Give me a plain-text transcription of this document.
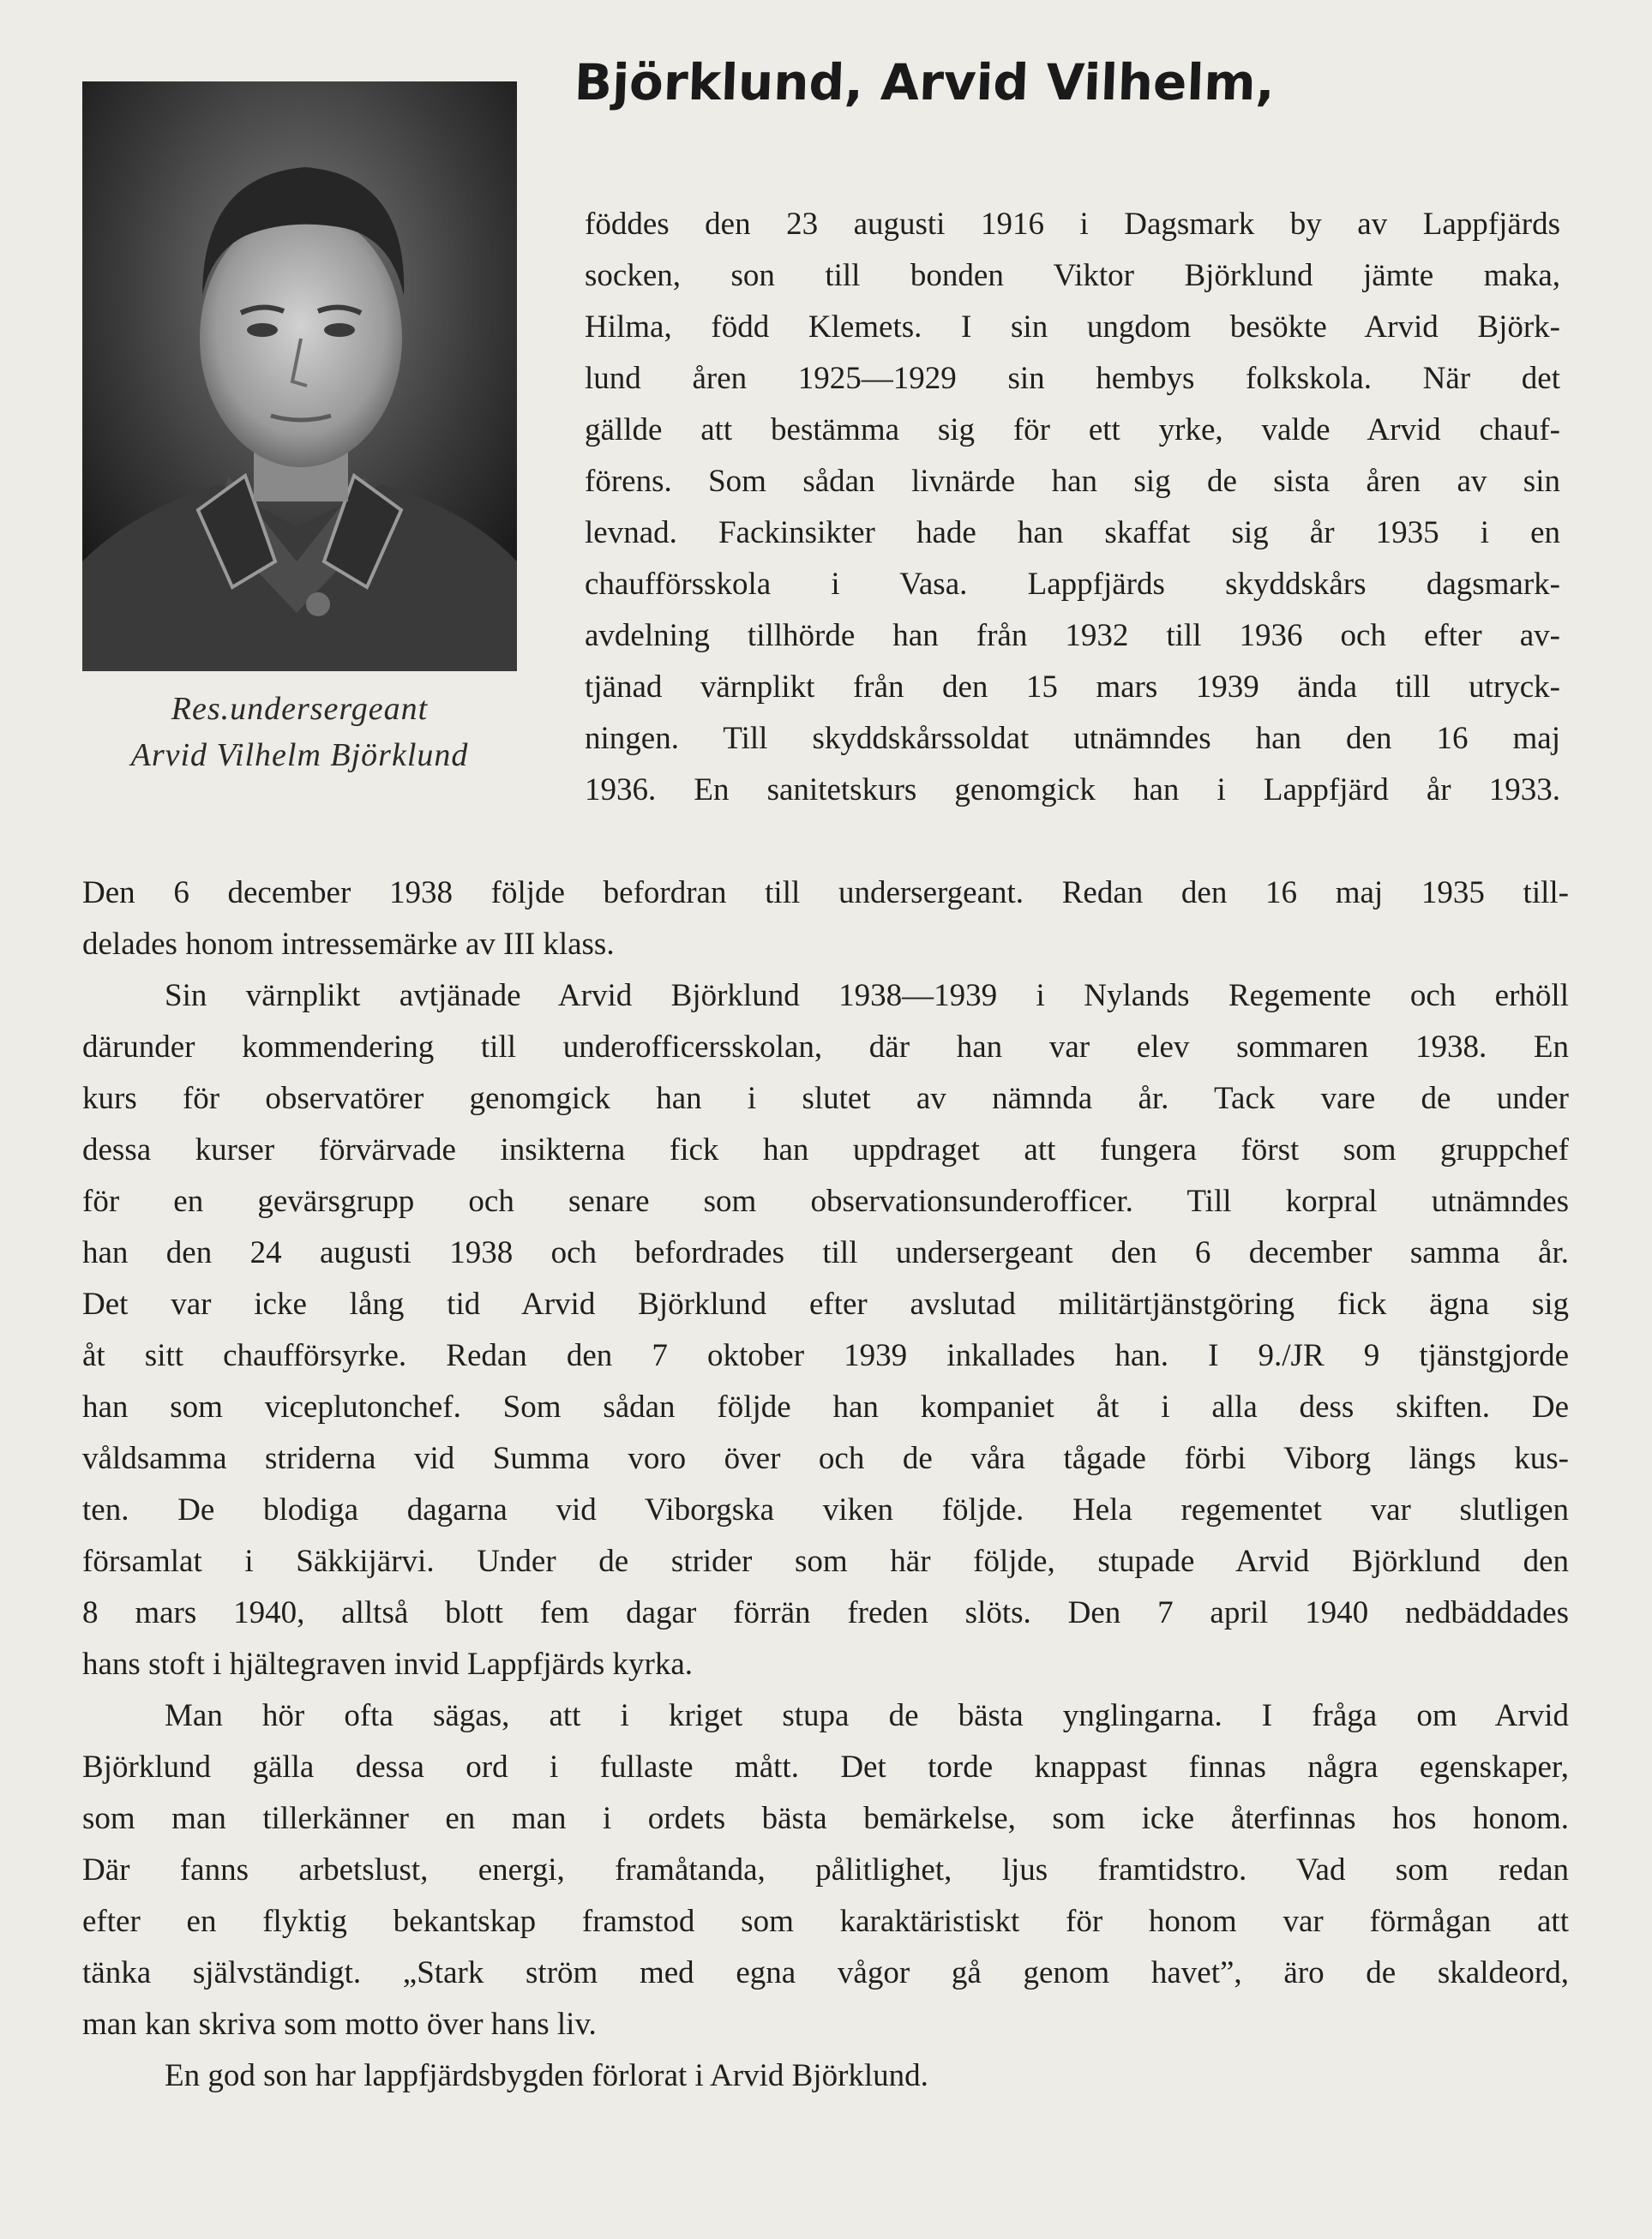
Res.undersergeant
Arvid Vilhelm Björklund
Björklund, Arvid Vilhelm,
föddes den 23 augusti 1916 i Dagsmark by av Lappfjärds
socken, son till bonden Viktor Björklund jämte maka,
Hilma, född Klemets. I sin ungdom besökte Arvid Björk-
lund åren 1925—1929 sin hembys folkskola. När det
gällde att bestämma sig för ett yrke, valde Arvid chauf-
förens. Som sådan livnärde han sig de sista åren av sin
levnad. Fackinsikter hade han skaffat sig år 1935 i en
chaufförsskola i Vasa. Lappfjärds skyddskårs dagsmark-
avdelning tillhörde han från 1932 till 1936 och efter av-
tjänad värnplikt från den 15 mars 1939 ända till utryck-
ningen. Till skyddskårssoldat utnämndes han den 16 maj
1936. En sanitetskurs genomgick han i Lappfjärd år 1933.
Den 6 december 1938 följde befordran till undersergeant. Redan den 16 maj 1935 till-
delades honom intressemärke av III klass.
Sin värnplikt avtjänade Arvid Björklund 1938—1939 i Nylands Regemente och erhöll
därunder kommendering till underofficersskolan, där han var elev sommaren 1938. En
kurs för observatörer genomgick han i slutet av nämnda år. Tack vare de under
dessa kurser förvärvade insikterna fick han uppdraget att fungera först som gruppchef
för en gevärsgrupp och senare som observationsunderofficer. Till korpral utnämndes
han den 24 augusti 1938 och befordrades till undersergeant den 6 december samma år.
Det var icke lång tid Arvid Björklund efter avslutad militärtjänstgöring fick ägna sig
åt sitt chaufförsyrke. Redan den 7 oktober 1939 inkallades han. I 9./JR 9 tjänstgjorde
han som viceplutonchef. Som sådan följde han kompaniet åt i alla dess skiften. De
våldsamma striderna vid Summa voro över och de våra tågade förbi Viborg längs kus-
ten. De blodiga dagarna vid Viborgska viken följde. Hela regementet var slutligen
församlat i Säkkijärvi. Under de strider som här följde, stupade Arvid Björklund den
8 mars 1940, alltså blott fem dagar förrän freden slöts. Den 7 april 1940 nedbäddades
hans stoft i hjältegraven invid Lappfjärds kyrka.
Man hör ofta sägas, att i kriget stupa de bästa ynglingarna. I fråga om Arvid
Björklund gälla dessa ord i fullaste mått. Det torde knappast finnas några egenskaper,
som man tillerkänner en man i ordets bästa bemärkelse, som icke återfinnas hos honom.
Där fanns arbetslust, energi, framåtanda, pålitlighet, ljus framtidstro. Vad som redan
efter en flyktig bekantskap framstod som karaktäristiskt för honom var förmågan att
tänka självständigt. „Stark ström med egna vågor gå genom havet”, äro de skaldeord,
man kan skriva som motto över hans liv.
En god son har lappfjärdsbygden förlorat i Arvid Björklund.
